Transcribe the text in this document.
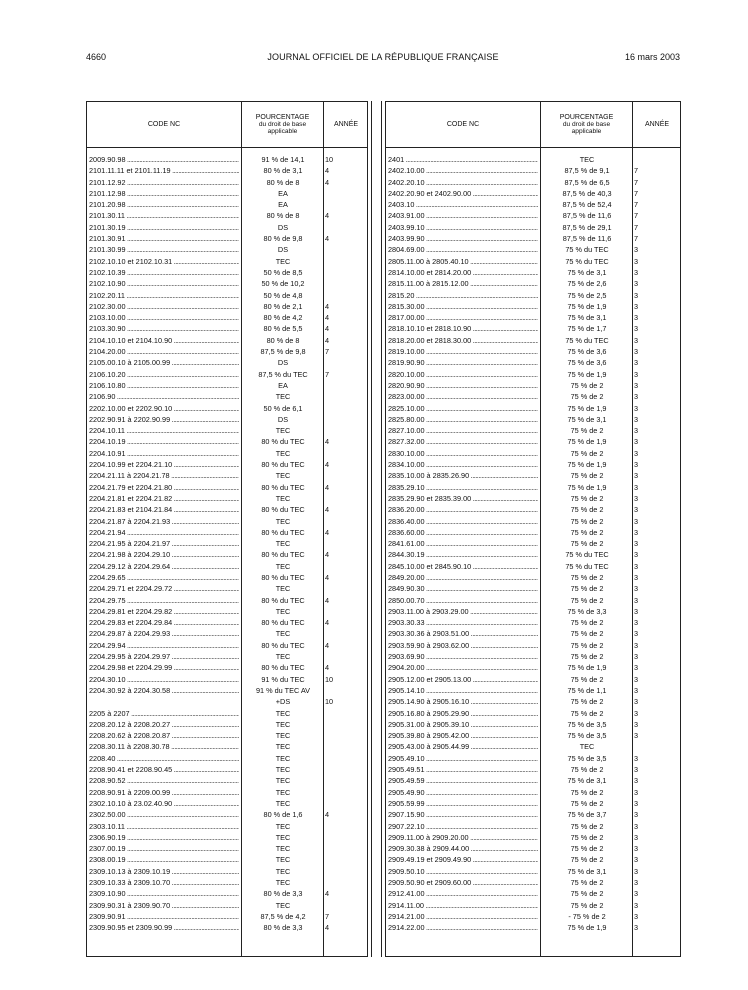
4660	JOURNAL OFFICIEL DE LA RÉPUBLIQUE FRANÇAISE	16 mars 2003
CODE NC
POURCENTAGE
du droit de base
applicable
ANNÉE
2009.90.98 .....	91 % de 14,1	10
2101.11.11 et 2101.11.19 .....	80 % de 3,1	4
2101.12.92 .....	80 % de 8	4
2101.12.98 .....	EA
2101.20.98 .....	EA
2101.30.11 .....	80 % de 8	4
2101.30.19 .....	DS
2101.30.91 .....	80 % de 9,8	4
2101.30.99 .....	DS
2102.10.10 et 2102.10.31 .....	TEC
2102.10.39 .....	50 % de 8,5
2102.10.90 .....	50 % de 10,2
2102.20.11 .....	50 % de 4,8
2102.30.00 .....	80 % de 2,1	4
2103.10.00 .....	80 % de 4,2	4
2103.30.90 .....	80 % de 5,5	4
2104.10.10 et 2104.10.90 .....	80 % de 8	4
2104.20.00 .....	87,5 % de 9,8	7
2105.00.10 à 2105.00.99 .....	DS
2106.10.20 .....	87,5 % du TEC	7
2106.10.80 .....	EA
2106.90 .....	TEC
2202.10.00 et 2202.90.10 .....	50 % de 6,1
2202.90.91 à 2202.90.99 .....	DS
2204.10.11 .....	TEC
2204.10.19 .....	80 % du TEC	4
2204.10.91 .....	TEC
2204.10.99 et 2204.21.10 .....	80 % du TEC	4
2204.21.11 à 2204.21.78 .....	TEC
2204.21.79 et 2204.21.80 .....	80 % du TEC	4
2204.21.81 et 2204.21.82 .....	TEC
2204.21.83 et 2104.21.84 .....	80 % du TEC	4
2204.21.87 à 2204.21.93 .....	TEC
2204.21.94 .....	80 % du TEC	4
2204.21.95 à 2204.21.97 .....	TEC
2204.21.98 à 2204.29.10 .....	80 % du TEC	4
2204.29.12 à 2204.29.64 .....	TEC
2204.29.65 .....	80 % du TEC	4
2204.29.71 et 2204.29.72 .....	TEC
2204.29.75 .....	80 % du TEC	4
2204.29.81 et 2204.29.82 .....	TEC
2204.29.83 et 2204.29.84 .....	80 % du TEC	4
2204.29.87 à 2204.29.93 .....	TEC
2204.29.94 .....	80 % du TEC	4
2204.29.95 à 2204.29.97 .....	TEC
2204.29.98 et 2204.29.99 .....	80 % du TEC	4
2204.30.10 .....	91 % du TEC	10
2204.30.92 à 2204.30.58 .....	91 % du TEC AV
+DS	10
2205 à 2207 .....	TEC
2208.20.12 à 2208.20.27 .....	TEC
2208.20.62 à 2208.20.87 .....	TEC
2208.30.11 à 2208.30.78 .....	TEC
2208.40 .....	TEC
2208.90.41 et 2208.90.45 .....	TEC
2208.90.52 .....	TEC
2208.90.91 à 2209.00.99 .....	TEC
2302.10.10 à 23.02.40.90 .....	TEC
2302.50.00 .....	80 % de 1,6	4
2303.10.11 .....	TEC
2306.90.19 .....	TEC
2307.00.19 .....	TEC
2308.00.19 .....	TEC
2309.10.13 à 2309.10.19 .....	TEC
2309.10.33 à 2309.10.70 .....	TEC
2309.10.90 .....	80 % de 3,3	4
2309.90.31 à 2309.90.70 .....	TEC
2309.90.91 .....	87,5 % de 4,2	7
2309.90.95 et 2309.90.99 .....	80 % de 3,3	4
CODE NC
POURCENTAGE
du droit de base
applicable
ANNÉE
2401 .....	TEC
2402.10.00 .....	87,5 % de 9,1	7
2402.20.10 .....	87,5 % de 6,5	7
2402.20.90 et 2402.90.00 .....	87,5 % de 40,3	7
2403.10 .....	87,5 % de 52,4	7
2403.91.00 .....	87,5 % de 11,6	7
2403.99.10 .....	87,5 % de 29,1	7
2403.99.90 .....	87,5 % de 11,6	7
2804.69.00 .....	75 % du TEC	3
2805.11.00 à 2805.40.10 .....	75 % du TEC	3
2814.10.00 et 2814.20.00 .....	75 % de 3,1	3
2815.11.00 à 2815.12.00 .....	75 % de 2,6	3
2815.20 .....	75 % de 2,5	3
2815.30.00 .....	75 % de 1,9	3
2817.00.00 .....	75 % de 3,1	3
2818.10.10 et 2818.10.90 .....	75 % de 1,7	3
2818.20.00 et 2818.30.00 .....	75 % du TEC	3
2819.10.00 .....	75 % de 3,6	3
2819.90.90 .....	75 % de 3,6	3
2820.10.00 .....	75 % de 1,9	3
2820.90.90 .....	75 % de 2	3
2823.00.00 .....	75 % de 2	3
2825.10.00 .....	75 % de 1,9	3
2825.80.00 .....	75 % de 3,1	3
2827.10.00 .....	75 % de 2	3
2827.32.00 .....	75 % de 1,9	3
2830.10.00 .....	75 % de 2	3
2834.10.00 .....	75 % de 1,9	3
2835.10.00 à 2835.26.90 .....	75 % de 2	3
2835.29.10 .....	75 % de 1,9	3
2835.29.90 et 2835.39.00 .....	75 % de 2	3
2836.20.00 .....	75 % de 2	3
2836.40.00 .....	75 % de 2	3
2836.60.00 .....	75 % de 2	3
2841.61.00 .....	75 % de 2	3
2844.30.19 .....	75 % du TEC	3
2845.10.00 et 2845.90.10 .....	75 % du TEC	3
2849.20.00 .....	75 % de 2	3
2849.90.30 .....	75 % de 2	3
2850.00.70 .....	75 % de 2	3
2903.11.00 à 2903.29.00 .....	75 % de 3,3	3
2903.30.33 .....	75 % de 2	3
2903.30.36 à 2903.51.00 .....	75 % de 2	3
2903.59.90 à 2903.62.00 .....	75 % de 2	3
2903.69.90 .....	75 % de 2	3
2904.20.00 .....	75 % de 1,9	3
2905.12.00 et 2905.13.00 .....	75 % de 2	3
2905.14.10 .....	75 % de 1,1	3
2905.14.90 à 2905.16.10 .....	75 % de 2	3
2905.16.80 à 2905.29.90 .....	75 % de 2	3
2905.31.00 à 2905.39.10 .....	75 % de 3,5	3
2905.39.80 à 2905.42.00 .....	75 % de 3,5	3
2905.43.00 à 2905.44.99 .....	TEC
2905.49.10 .....	75 % de 3,5	3
2905.49.51 .....	75 % de 2	3
2905.49.59 .....	75 % de 3,1	3
2905.49.90 .....	75 % de 2	3
2905.59.99 .....	75 % de 2	3
2907.15.90 .....	75 % de 3,7	3
2907.22.10 .....	75 % de 2	3
2909.11.00 à 2909.20.00 .....	75 % de 2	3
2909.30.38 à 2909.44.00 .....	75 % de 2	3
2909.49.19 et 2909.49.90 .....	75 % de 2	3
2909.50.10 .....	75 % de 3,1	3
2909.50.90 et 2909.60.00 .....	75 % de 2	3
2912.41.00 .....	75 % de 2	3
2914.11.00 .....	75 % de 2	3
2914.21.00 .....	- 75 % de 2	3
2914.22.00 .....	75 % de 1,9	3
